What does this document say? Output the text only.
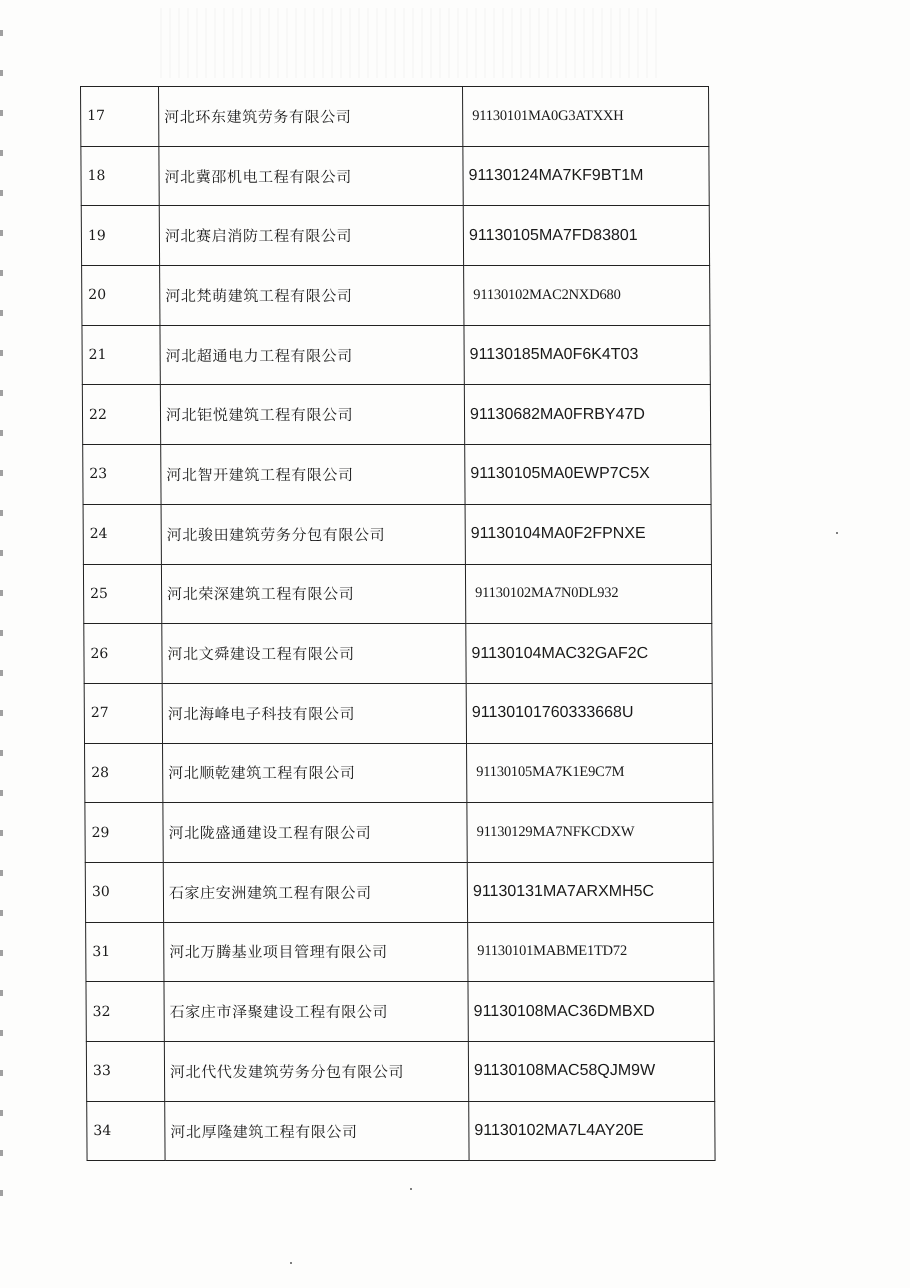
17	河北环东建筑劳务有限公司	91130101MA0G3ATXXH
18	河北冀邵机电工程有限公司	91130124MA7KF9BT1M
19	河北赛启消防工程有限公司	91130105MA7FD83801
20	河北梵萌建筑工程有限公司	91130102MAC2NXD680
21	河北超通电力工程有限公司	91130185MA0F6K4T03
22	河北钜悦建筑工程有限公司	91130682MA0FRBY47D
23	河北智开建筑工程有限公司	91130105MA0EWP7C5X
24	河北骏田建筑劳务分包有限公司	91130104MA0F2FPNXE
25	河北荣深建筑工程有限公司	91130102MA7N0DL932
26	河北文舜建设工程有限公司	91130104MAC32GAF2C
27	河北海峰电子科技有限公司	91130101760333668U
28	河北顺乾建筑工程有限公司	91130105MA7K1E9C7M
29	河北陇盛通建设工程有限公司	91130129MA7NFKCDXW
30	石家庄安洲建筑工程有限公司	91130131MA7ARXMH5C
31	河北万腾基业项目管理有限公司	91130101MABME1TD72
32	石家庄市泽聚建设工程有限公司	91130108MAC36DMBXD
33	河北代代发建筑劳务分包有限公司	91130108MAC58QJM9W
34	河北厚隆建筑工程有限公司	91130102MA7L4AY20E
